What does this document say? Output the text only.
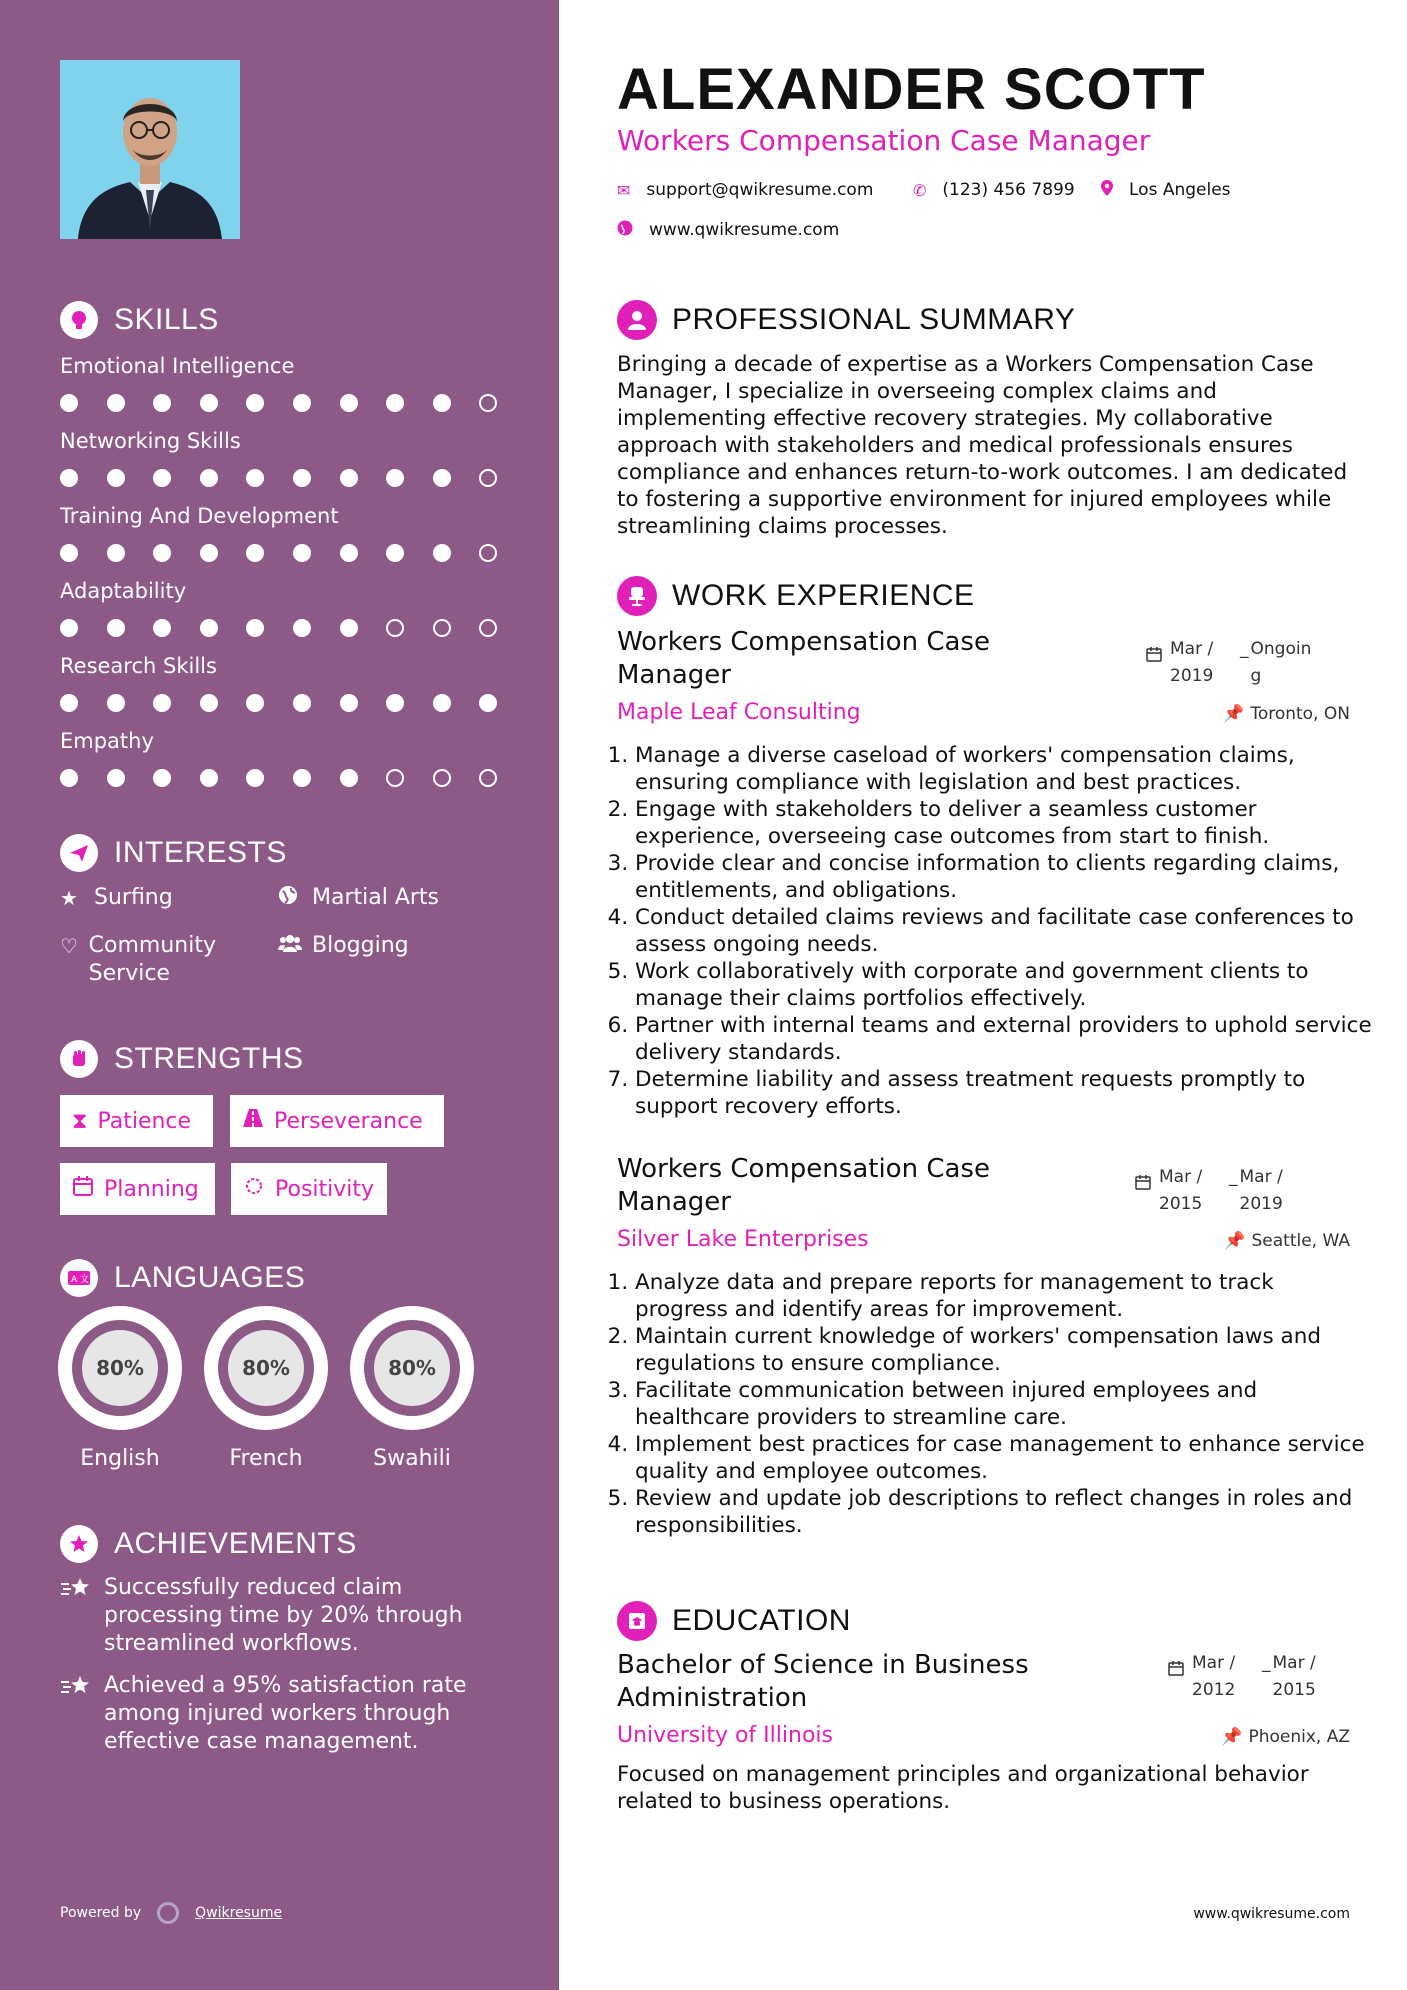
SKILLS
Emotional Intelligence
Networking Skills
Training And Development
Adaptability
Research Skills
Empathy
INTERESTS
★ Surfing	Martial Arts
♡ Community Service
Blogging
STRENGTHS
⧗ Patience	Perseverance
Planning	Positivity
A 文 LANGUAGES
80%
English
80%
French
80%
Swahili
ACHIEVEMENTS
Successfully reduced claim processing time by 20% through streamlined workflows.
Achieved a 95% satisfaction rate among injured workers through effective case management.
Powered by	Qwikresume
ALEXANDER SCOTT
Workers Compensation Case Manager
✉ support@qwikresume.com ✆ (123) 456 7899	Los Angeles
www.qwikresume.com
PROFESSIONAL SUMMARY
Bringing a decade of expertise as a Workers Compensation Case Manager, I specialize in overseeing complex claims and implementing effective recovery strategies. My collaborative approach with stakeholders and medical professionals ensures compliance and enhances return-to-work outcomes. I am dedicated to fostering a supportive environment for injured employees while streamlining claims processes.
WORK EXPERIENCE
Workers Compensation Case Manager
Mar / 2019
_ Ongoin g
Maple Leaf Consulting	📌 Toronto, ON
1. Manage a diverse caseload of workers' compensation claims, ensuring compliance with legislation and best practices.
2. Engage with stakeholders to deliver a seamless customer experience, overseeing case outcomes from start to finish.
3. Provide clear and concise information to clients regarding claims, entitlements, and obligations.
4. Conduct detailed claims reviews and facilitate case conferences to assess ongoing needs.
5. Work collaboratively with corporate and government clients to manage their claims portfolios effectively.
6. Partner with internal teams and external providers to uphold service delivery standards.
7. Determine liability and assess treatment requests promptly to support recovery efforts.
Workers Compensation Case Manager
Mar / 2015
_ Mar / 2019
Silver Lake Enterprises	📌 Seattle, WA
1. Analyze data and prepare reports for management to track progress and identify areas for improvement.
2. Maintain current knowledge of workers' compensation laws and regulations to ensure compliance.
3. Facilitate communication between injured employees and healthcare providers to streamline care.
4. Implement best practices for case management to enhance service quality and employee outcomes.
5. Review and update job descriptions to reflect changes in roles and responsibilities.
EDUCATION
Bachelor of Science in Business Administration
Mar / 2012
_ Mar / 2015
University of Illinois	📌 Phoenix, AZ
Focused on management principles and organizational behavior related to business operations.
www.qwikresume.com
